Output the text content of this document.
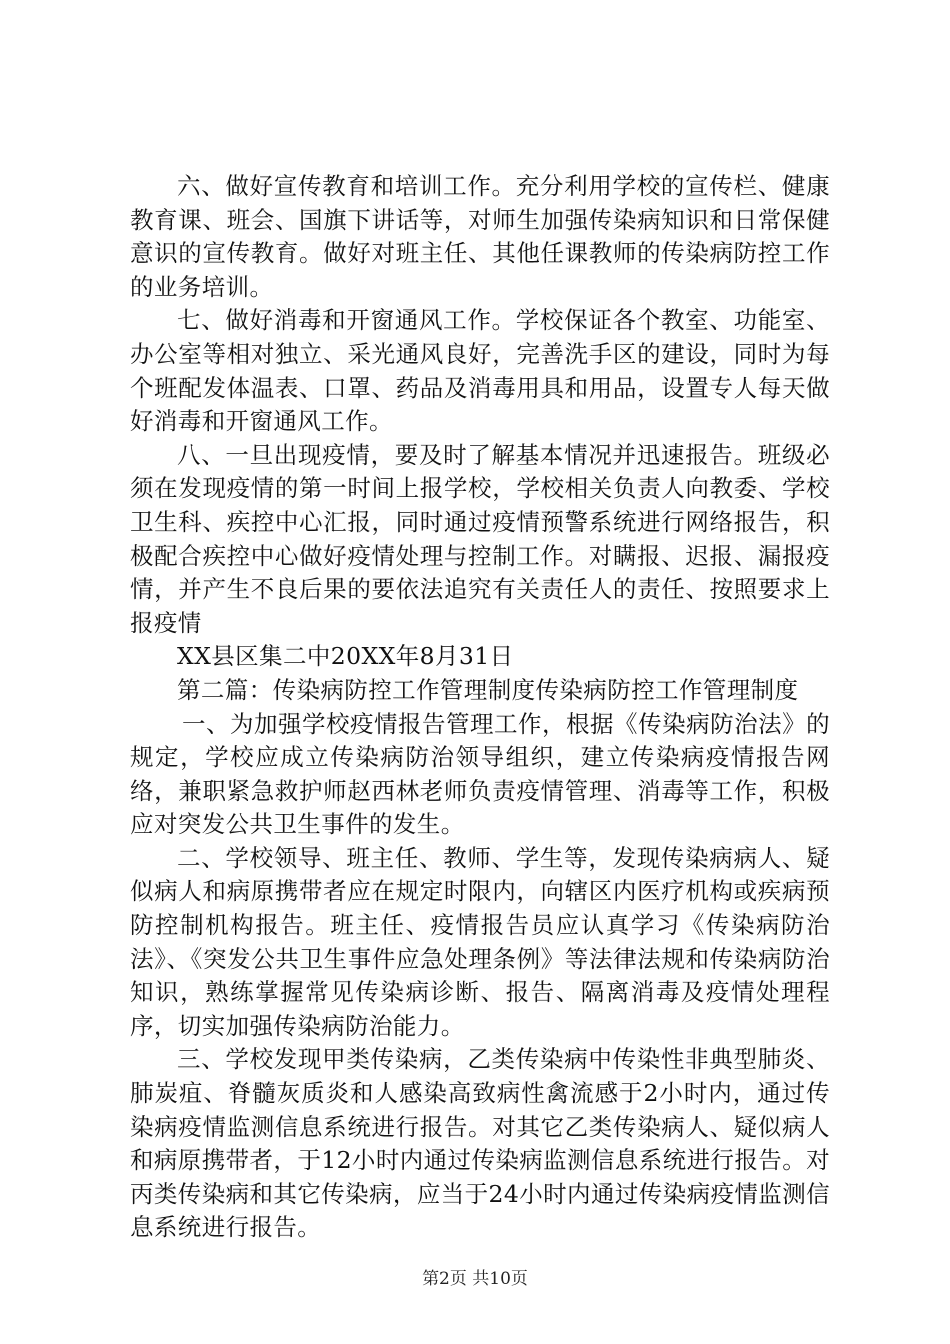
六、做好宣传教育和培训工作。充分利用学校的宣传栏、健康教育课、班会、国旗下讲话等，对师生加强传染病知识和日常保健意识的宣传教育。做好对班主任、其他任课教师的传染病防控工作的业务培训。

七、做好消毒和开窗通风工作。学校保证各个教室、功能室、办公室等相对独立、采光通风良好，完善洗手区的建设，同时为每个班配发体温表、口罩、药品及消毒用具和用品，设置专人每天做好消毒和开窗通风工作。

八、一旦出现疫情，要及时了解基本情况并迅速报告。班级必须在发现疫情的第一时间上报学校，学校相关负责人向教委、学校卫生科、疾控中心汇报，同时通过疫情预警系统进行网络报告，积极配合疾控中心做好疫情处理与控制工作。对瞒报、迟报、漏报疫情，并产生不良后果的要依法追究有关责任人的责任、按照要求上报疫情

XX县区集二中20XX年8月31日

第二篇：传染病防控工作管理制度传染病防控工作管理制度

一、为加强学校疫情报告管理工作，根据《传染病防治法》的规定，学校应成立传染病防治领导组织，建立传染病疫情报告网络，兼职紧急救护师赵西林老师负责疫情管理、消毒等工作，积极应对突发公共卫生事件的发生。

二、学校领导、班主任、教师、学生等，发现传染病病人、疑似病人和病原携带者应在规定时限内，向辖区内医疗机构或疾病预防控制机构报告。班主任、疫情报告员应认真学习《传染病防治法》、《突发公共卫生事件应急处理条例》等法律法规和传染病防治知识，熟练掌握常见传染病诊断、报告、隔离消毒及疫情处理程序，切实加强传染病防治能力。

三、学校发现甲类传染病，乙类传染病中传染性非典型肺炎、肺炭疽、脊髓灰质炎和人感染高致病性禽流感于2小时内，通过传染病疫情监测信息系统进行报告。对其它乙类传染病人、疑似病人和病原携带者，于12小时内通过传染病监测信息系统进行报告。对丙类传染病和其它传染病，应当于24小时内通过传染病疫情监测信息系统进行报告。

第2页 共10页
